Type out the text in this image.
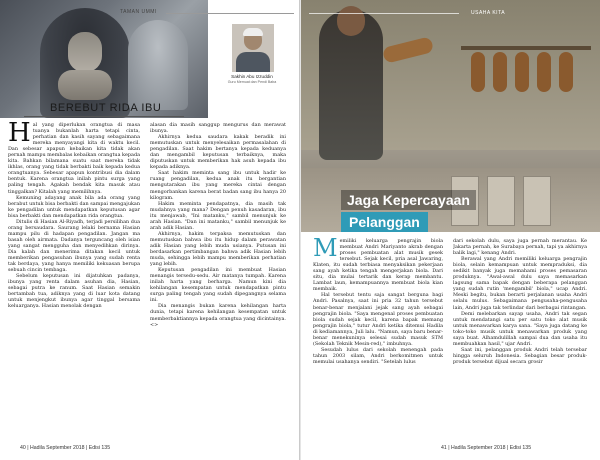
TAMAN UMMI
Sakhin Abu Izzuddin
Guru Memuat dan Pendi Baba
BEREBUT RIDA IBU

Hal yang diperlukan orangtua di masa tuanya bukanlah harta tetapi cinta, perhatian dan kasih sayang sebagaimana mereka menyayangi kita di waktu kecil. Dan sebesar apapun kebaikan kita tidak akan pernah mampu membalas kebaikan orangtua kepada kita. Bahkan bilamana suatu saat mereka tidak ikhlas, orang yang tidak berbakti baik kepada kedua orangtuanya. Sebesar apapun kontribusi dia dalam bentuk. Karena orangtua inilah pintu surga yang paling tengah. Agakah bendak kita masuk atau tinggalkan? Kitalah yang memilihnya.

Kemuning adayang anak bila ada orang yang berabut untuk bisa berbakti dan sampai mengajukan ke pengadilan untuk mendapatkan keputusan agar bisa berbakti dan mendapatkan rida orangtua.

Ditulis di Hasian Al-Riyadh, terjadi persilihan dua orang bersaudara. Saurang lelaki bernama Hasian mampu pilu di hadapan pengadilan. Jangan ma basah oleh airmata. Dadanya terguncang oleh isian yang sangat mengguha dan menyedihkan dirinya. Dia kalah dan menerima ditakan kecil untuk memberikan pengasuhan ibunya yang sudah renta tak berdaya, yang hanya memiliki kekuasan berupa sebuah cincin tembaga.

Sebelum keputusan ini dijatuhkan padanya, ibunya yang renta dalam asuhan dia, Hasian, sebagai putra ke ranum. Saat Hasian semakin bertambah tua, adiknya yang di luar kota datang untuk menjengkut ibunya agar tinggal bersama keluarganya. Hasian menolak dengan

alasan dia masih sanggup mengurus dan merawat ibunya.

Akhirnya kedua saudara kakak beradik ini memutuskan untuk menyelesaikan permasalahan di pengadilan. Saat hakim bertanya kepada keduanya dan mengambil keputusan terbaiknya, maka diputuskan untuk memberikan hak asuh kepada ibu kepada adiknya.

Saat hakim meminta sang ibu untuk hadir ke ruang pengadilan, kedua anak itu bergantian mengutarakan ibu yang mereka cintai dengan mengorbankan karena berat badan sang ibu hanya 20 kilogram.

Hakim meminta pendapatnya, dia masih tak mudahnya yang mana? Dengan penuh kasadaran, ibu itu menjawab, "Ini matanku," sambil menunjuk ke arah Hasian. "Dan ini matanku," sambil menunjuk ke arah adik Hasian.

Akhirnya, hakim terpaksa memutuskan dan memutuskan bahwa ibu itu hidup dalam perawatan adik Hasian yang lebih muda usianya. Putusan ini berdasarkan pertimbangan bahwa adik Hasian lebih muda, sehingga lebih mampu memberikan perhatian yang lebih.

Keputusan pengadilan ini membuat Hasian menangis tersedu-sedu. Air matanya tumpah. Karena inilah harta yang berharga. Namun kini dia kehilangan kesempatan untuk mendapatkan pintu surga paling tengah yang sudah dipegangnya selama ini.

Dia menangis bukan karena kehilangan harta dunia, tetapi karena kehilangan kesempatan untuk memberbaktiannya kepada orangtua yang dicintainya. <>

40 | Hadila September 2018 | Edisi 135
USAHA KITA
Jaga Kepercayaan
Pelanggan

Memiliki keluarga pengrajin biola membuat Andri Mariyanto akrab dengan proses pembuatan alat musik gesek tersebut. Sejak kecil, pria asal Jawaring, Klaten, itu sudah terbiasa menyaksikan pekerjaan sang ayah ketika tengah mengerjakan biola. Dari situ, dia mulai tertarik dan kerap membantu. Lambat laun, kemampuannya membuat biola kian membaik.

Hal tersebut tentu saja sangat berguna bagi Andri. Pasalnya, saat ini pria 32 tahun tersebut benar-benar menjalani jejak sang ayah sebagai pengrajin biola. "Saya mengenal proses pembuatan biola sudah sejak kecil, karena bapak memang pengrajin biola," tutur Andri ketika ditemui Hadila di kediamannya, Juli lalu. "Namun, saya baru benar-benar menekuninya selesai sudah masuk STM (Sekolah Teknik Mesin-red)," imbuhnya.

Sesudah lulus dari sekolah menengah pada tahun 2003 silam, Andri berkomitmen untuk memulai usahanya sendiri. "Setelah lulus

dari sekolah dulu, saya juga pernah merantau. Ke Jakarta pernah, ke Surabaya pernah, tapi ya akhirnya balik lagi," kenang Andri.

Berawal yang Andri memiliki keluarga pengrajin biola, selain kemampuan untuk mempraduksi, dia sedikit banyak juga memahami proses pemasaran produknya. "Awal-awal dulu saya memasarkan lagsung sama bapak dengan beberapa pelanggan yang sudah rutin 'mengambil' biola," ucap Andri. Meski begitu, bukan berarti perjalanan usaha Andri selalu mulus. Sebagaimana pengusaha-pengusaha lain, Andri juga tak terlindar dari berbagai rintangan.

Demi melebarkan sayap usaha, Andri tak segan untuk mendatangi satu per satu toko alat musik untuk menawarkan karya sana. "Saya juga datang ke toko-toko musik untuk menawarkan produk yang saya buat. Alhamdulillah sampai dua dan usaha itu membuahkan hasil," ujar Andri.

Saat ini, pelanggan produk Andri telah tersebar hingga seluruh Indonesia. Sebagian besar produk-produk tersebut dijual secara grosir

41 | Hadila September 2018 | Edisi 135
